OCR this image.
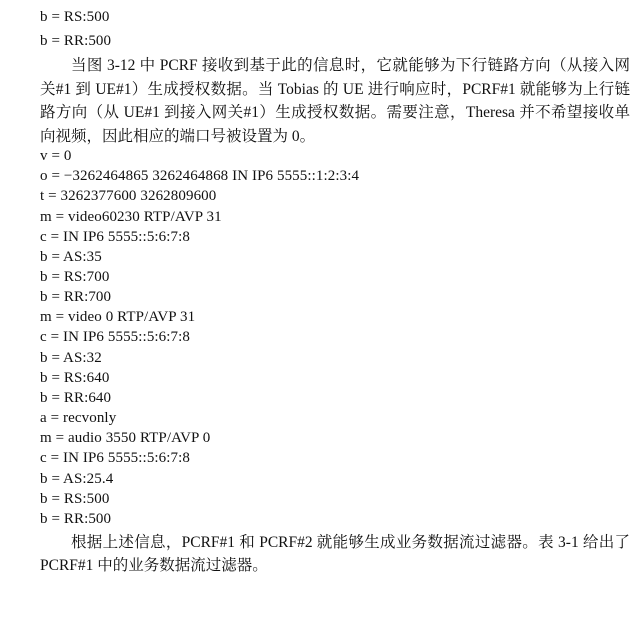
b = RS:500
b = RR:500
当图 3-12 中 PCRF 接收到基于此的信息时，它就能够为下行链路方向（从接入网关#1 到 UE#1）生成授权数据。当 Tobias 的 UE 进行响应时，PCRF#1 就能够为上行链路方向（从 UE#1 到接入网关#1）生成授权数据。需要注意，Theresa 并不希望接收单向视频，因此相应的端口号被设置为 0。
v = 0
o = −3262464865 3262464868 IN IP6 5555::1:2:3:4
t = 3262377600 3262809600
m = video60230 RTP/AVP 31
c = IN IP6 5555::5:6:7:8
b = AS:35
b = RS:700
b = RR:700
m = video 0 RTP/AVP 31
c = IN IP6 5555::5:6:7:8
b = AS:32
b = RS:640
b = RR:640
a = recvonly
m = audio 3550 RTP/AVP 0
c = IN IP6 5555::5:6:7:8
b = AS:25.4
b = RS:500
b = RR:500
根据上述信息，PCRF#1 和 PCRF#2 就能够生成业务数据流过滤器。表 3-1 给出了 PCRF#1 中的业务数据流过滤器。
